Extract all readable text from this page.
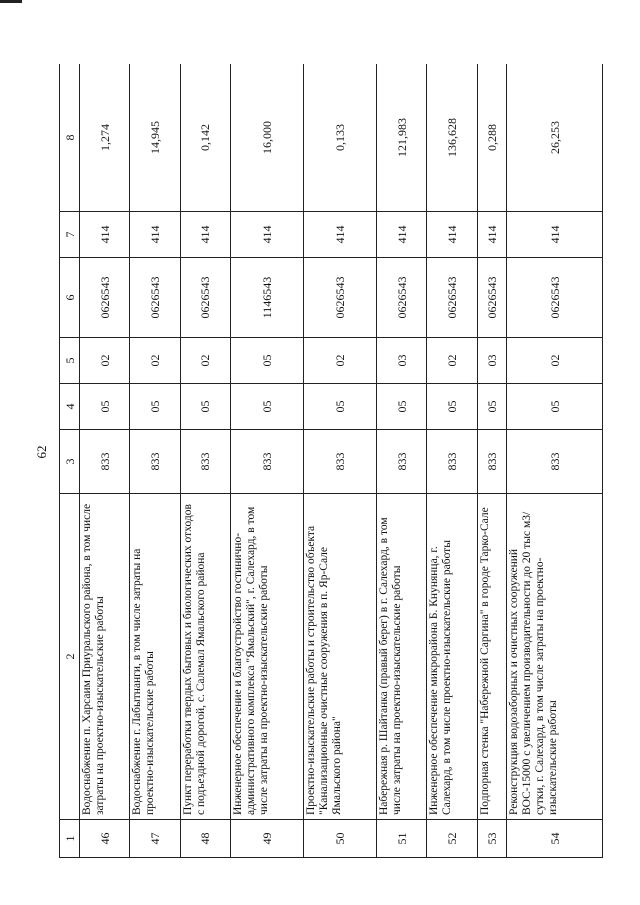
62
1	2	3	4	5	6	7	8
46	Водоснабжение п. Харсаим Приуральского района, в том числе затраты на проектно-изыскательские работы	833	05	02	0626543	414	1,274
47	Водоснабжение г. Лабытнанги, в том числе затраты на проектно-изыскательские работы	833	05	02	0626543	414	14,945
48	Пункт переработки твердых бытовых и биологических отходов с подъездной дорогой, с. Салемал Ямальского района	833	05	02	0626543	414	0,142
49	Инженерное обеспечение и благоустройство гостинично-административного комплекса "Ямальский", г. Салехард, в том числе затраты на проектно-изыскательские работы	833	05	05	1146543	414	16,000
50	Проектно-изыскательские работы и строительство объекта "Канализационные очистные сооружения в п. Яр-Сале Ямальского района"	833	05	02	0626543	414	0,133
51	Набережная р. Шайтанка (правый берег) в г. Салехард, в том числе затраты на проектно-изыскательские работы	833	05	03	0626543	414	121,983
52	Инженерное обеспечение микрорайона Б. Кнунянца, г. Салехард, в том числе проектно-изыскательские работы	833	05	02	0626543	414	136,628
53	Подпорная стенка "Набережной Саргина" в городе Тарко-Сале	833	05	03	0626543	414	0,288
54	Реконструкция водозаборных и очистных сооружений ВОС-15000 с увеличением производительности до 20 тыс м3/сутки, г. Салехард, в том числе затраты на проектно-изыскательские работы	833	05	02	0626543	414	26,253
